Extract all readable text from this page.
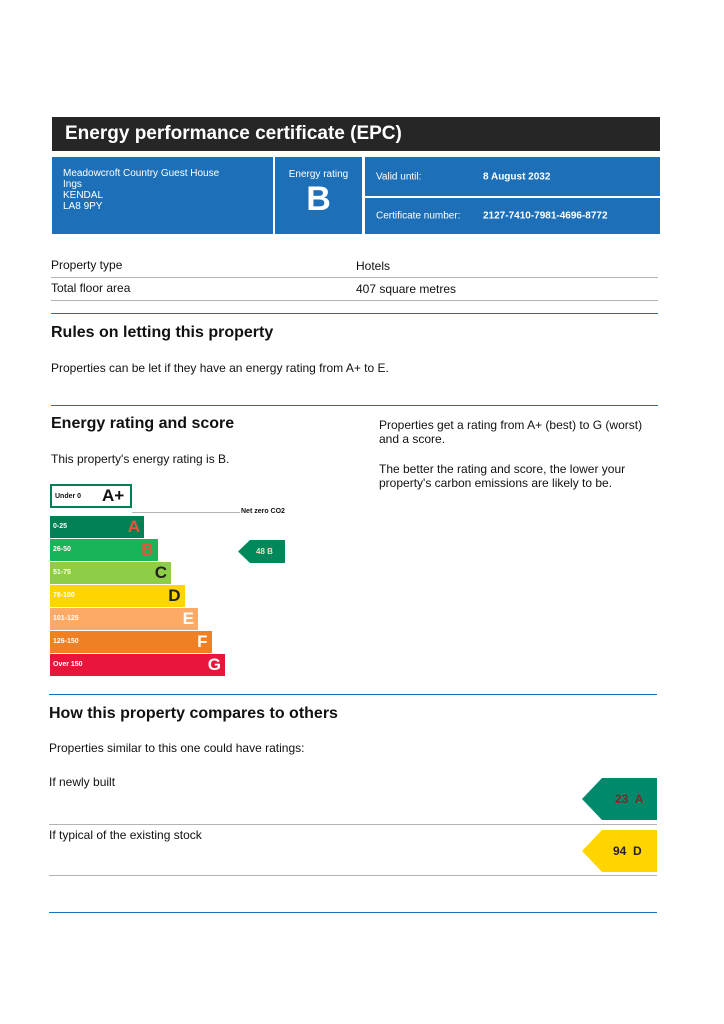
Energy performance certificate (EPC)
Meadowcroft Country Guest House
Ings
KENDAL
LA8 9PY
Energy rating
B
Valid until:	8 August 2032
Certificate number: 2127-7410-7981-4696-8772
Property type	Hotels
Total floor area	407 square metres
Rules on letting this property
Properties can be let if they have an energy rating from A+ to E.
Energy rating and score
This property's energy rating is B.
Properties get a rating from A+ (best) to G (worst) and a score.
The better the rating and score, the lower your property's carbon emissions are likely to be.
Under 0 A+
Net zero CO2
0-25	A
26-50	B
51-75	C
76-100	D
101-125	E
126-150	F
Over 150	G
48 B
How this property compares to others
Properties similar to this one could have ratings:
If newly built
23  A
If typical of the existing stock
94  D
